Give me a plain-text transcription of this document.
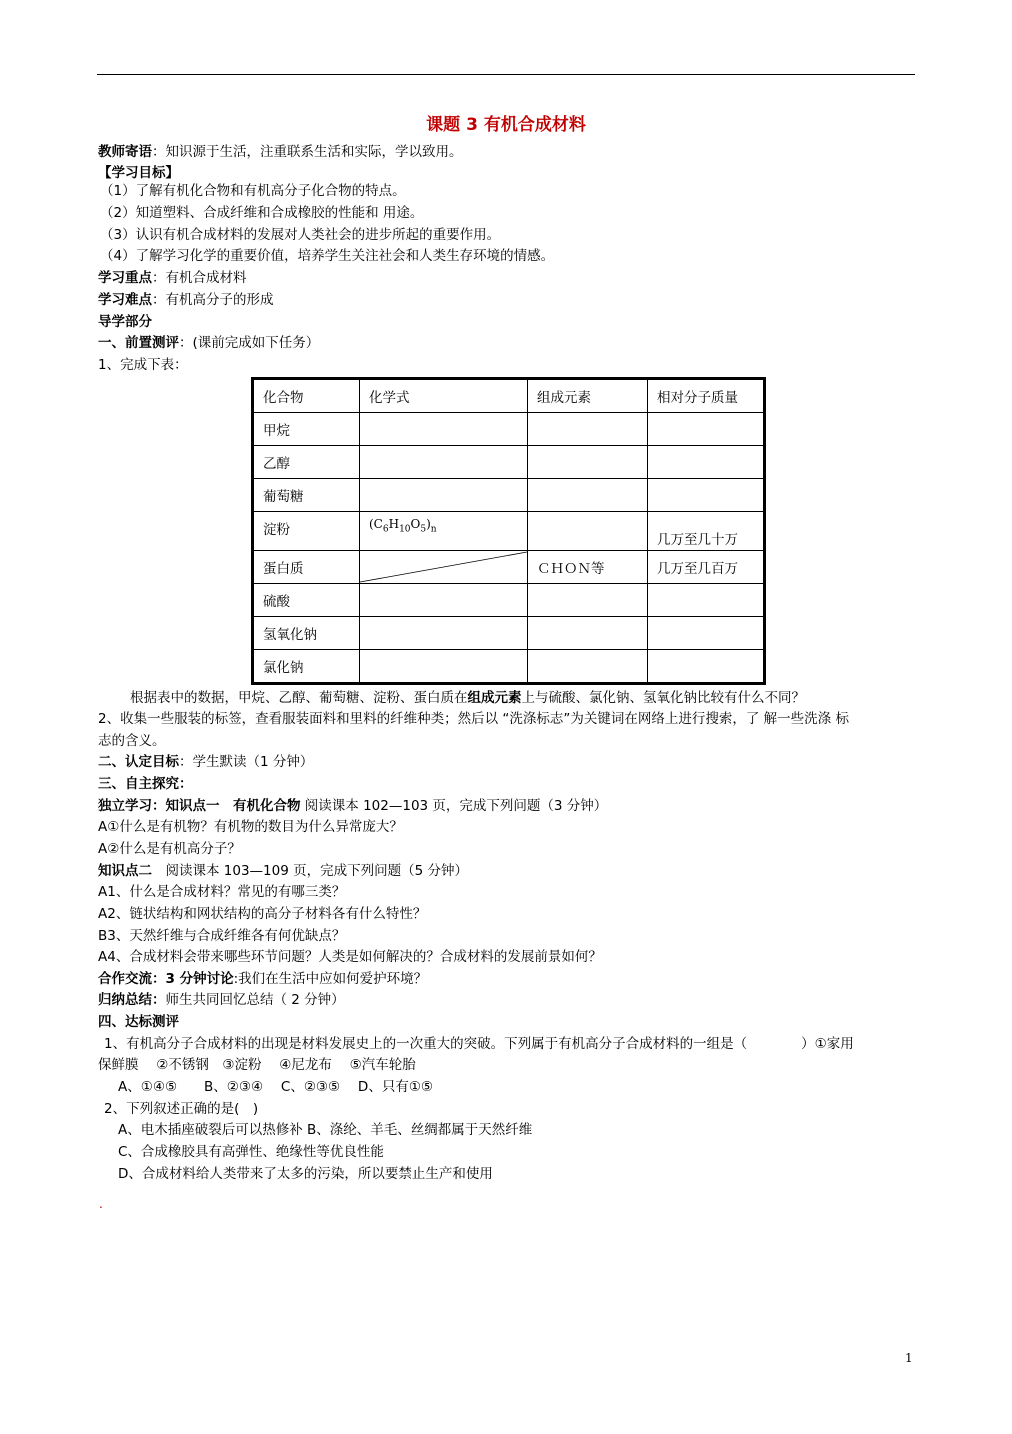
课题 3 有机合成材料
教师寄语：知识源于生活，注重联系生活和实际，学以致用。
【学习目标】
（1）了解有机化合物和有机高分子化合物的特点。
（2）知道塑料、合成纤维和合成橡胶的性能和 用途。
（3）认识有机合成材料的发展对人类社会的进步所起的重要作用。
（4）了解学习化学的重要价值，培养学生关注社会和人类生存环境的情感。
学习重点：有机合成材料
学习难点：有机高分子的形成
导学部分
一、前置测评：(课前完成如下任务）
1、完成下表：
化合物	化学式	组成元素	相对分子质量
甲烷			
乙醇			
葡萄糖			
淀粉	$(C_6H_{10}O_5)_n$		几万至几十万
蛋白质		ＣＨＯＮ等	几万至几百万
硫酸			
氢氧化钠			
氯化钠			
根据表中的数据，甲烷、乙醇、葡萄糖、淀粉、蛋白质在组成元素上与硫酸、氯化钠、氢氧化钠比较有什么不同？
2、收集一些服装的标签，查看服装面料和里料的纤维种类；然后以 “洗涤标志”为关键词在网络上进行搜索，了 解一些洗涤 标
志的含义。
二、认定目标：学生默读（1 分钟）
三、自主探究：
独立学习：知识点一　有机化合物 阅读课本 102—103 页，完成下列问题（3 分钟）
A①什么是有机物？有机物的数目为什么异常庞大？
A②什么是有机高分子？
知识点二　阅读课本 103—109 页，完成下列问题（5 分钟）
A1、什么是合成材料？常见的有哪三类？
A2、链状结构和网状结构的高分子材料各有什么特性？
B3、天然纤维与合成纤维各有何优缺点？
A4、合成材料会带来哪些环节问题？人类是如何解决的？合成材料的发展前景如何？
合作交流：3 分钟讨论:我们在生活中应如何爱护环境？
归纳总结：师生共同回忆总结（ 2 分钟）
四、达标测评
1、有机高分子合成材料的出现是材料发展史上的一次重大的突破。下列属于有机高分子合成材料的一组是（　　　　）①家用
保鲜膜　 ②不锈钢　③淀粉　 ④尼龙布　 ⑤汽车轮胎
A、①④⑤　　B、②③④　 C、②③⑤　 D、只有①⑤
2、下列叙述正确的是(　)
A、电木插座破裂后可以热修补 B、涤纶、羊毛、丝绸都属于天然纤维
C、合成橡胶具有高弹性、绝缘性等优良性能
D、合成材料给人类带来了太多的污染，所以要禁止生产和使用
.
1
